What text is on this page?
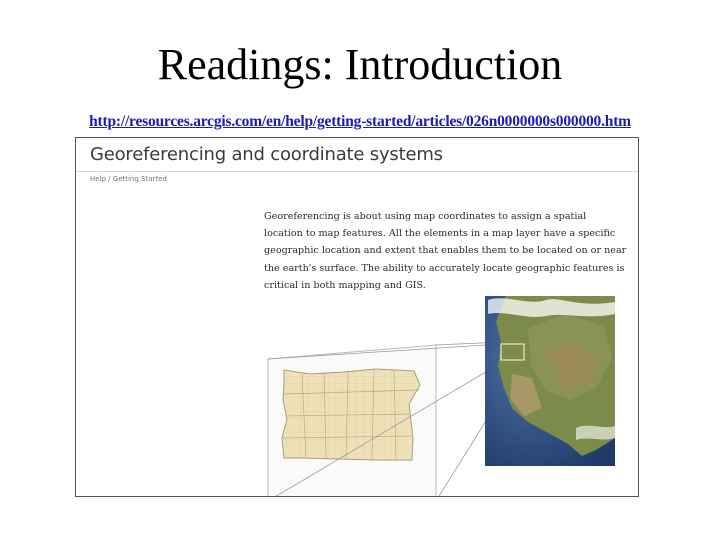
Readings: Introduction
http://resources.arcgis.com/en/help/getting-started/articles/026n0000000s000000.htm
Georeferencing and coordinate systems
Help / Getting Started
Georeferencing is about using map coordinates to assign a spatial location to map features. All the elements in a map layer have a specific geographic location and extent that enables them to be located on or near the earth's surface. The ability to accurately locate geographic features is critical in both mapping and GIS.
